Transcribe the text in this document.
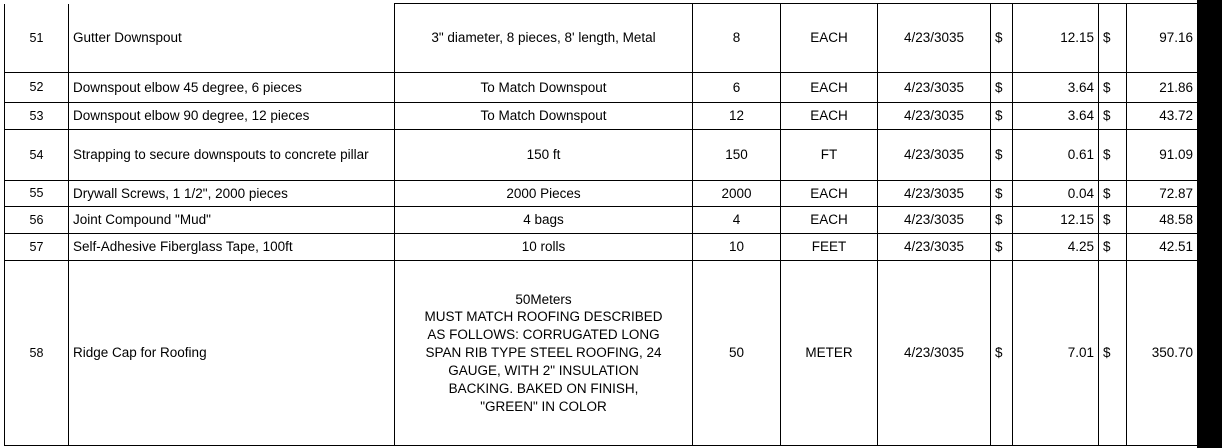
51	Gutter Downspout	3" diameter, 8 pieces, 8' length, Metal	8	EACH	4/23/3035	$	12.15	$	97.16
52	Downspout elbow 45 degree, 6 pieces	To Match Downspout	6	EACH	4/23/3035	$	3.64	$	21.86
53	Downspout elbow 90 degree, 12 pieces	To Match Downspout	12	EACH	4/23/3035	$	3.64	$	43.72
54	Strapping to secure downspouts to concrete pillar	150 ft	150	FT	4/23/3035	$	0.61	$	91.09
55	Drywall Screws, 1 1/2", 2000 pieces	2000 Pieces	2000	EACH	4/23/3035	$	0.04	$	72.87
56	Joint Compound "Mud"	4 bags	4	EACH	4/23/3035	$	12.15	$	48.58
57	Self-Adhesive Fiberglass Tape, 100ft	10 rolls	10	FEET	4/23/3035	$	4.25	$	42.51
58	Ridge Cap for Roofing	50Meters
MUST MATCH ROOFING DESCRIBED
AS FOLLOWS: CORRUGATED LONG
SPAN RIB TYPE STEEL ROOFING, 24
GAUGE, WITH 2" INSULATION
BACKING. BAKED ON FINISH,
"GREEN" IN COLOR	50	METER	4/23/3035	$	7.01	$	350.70
